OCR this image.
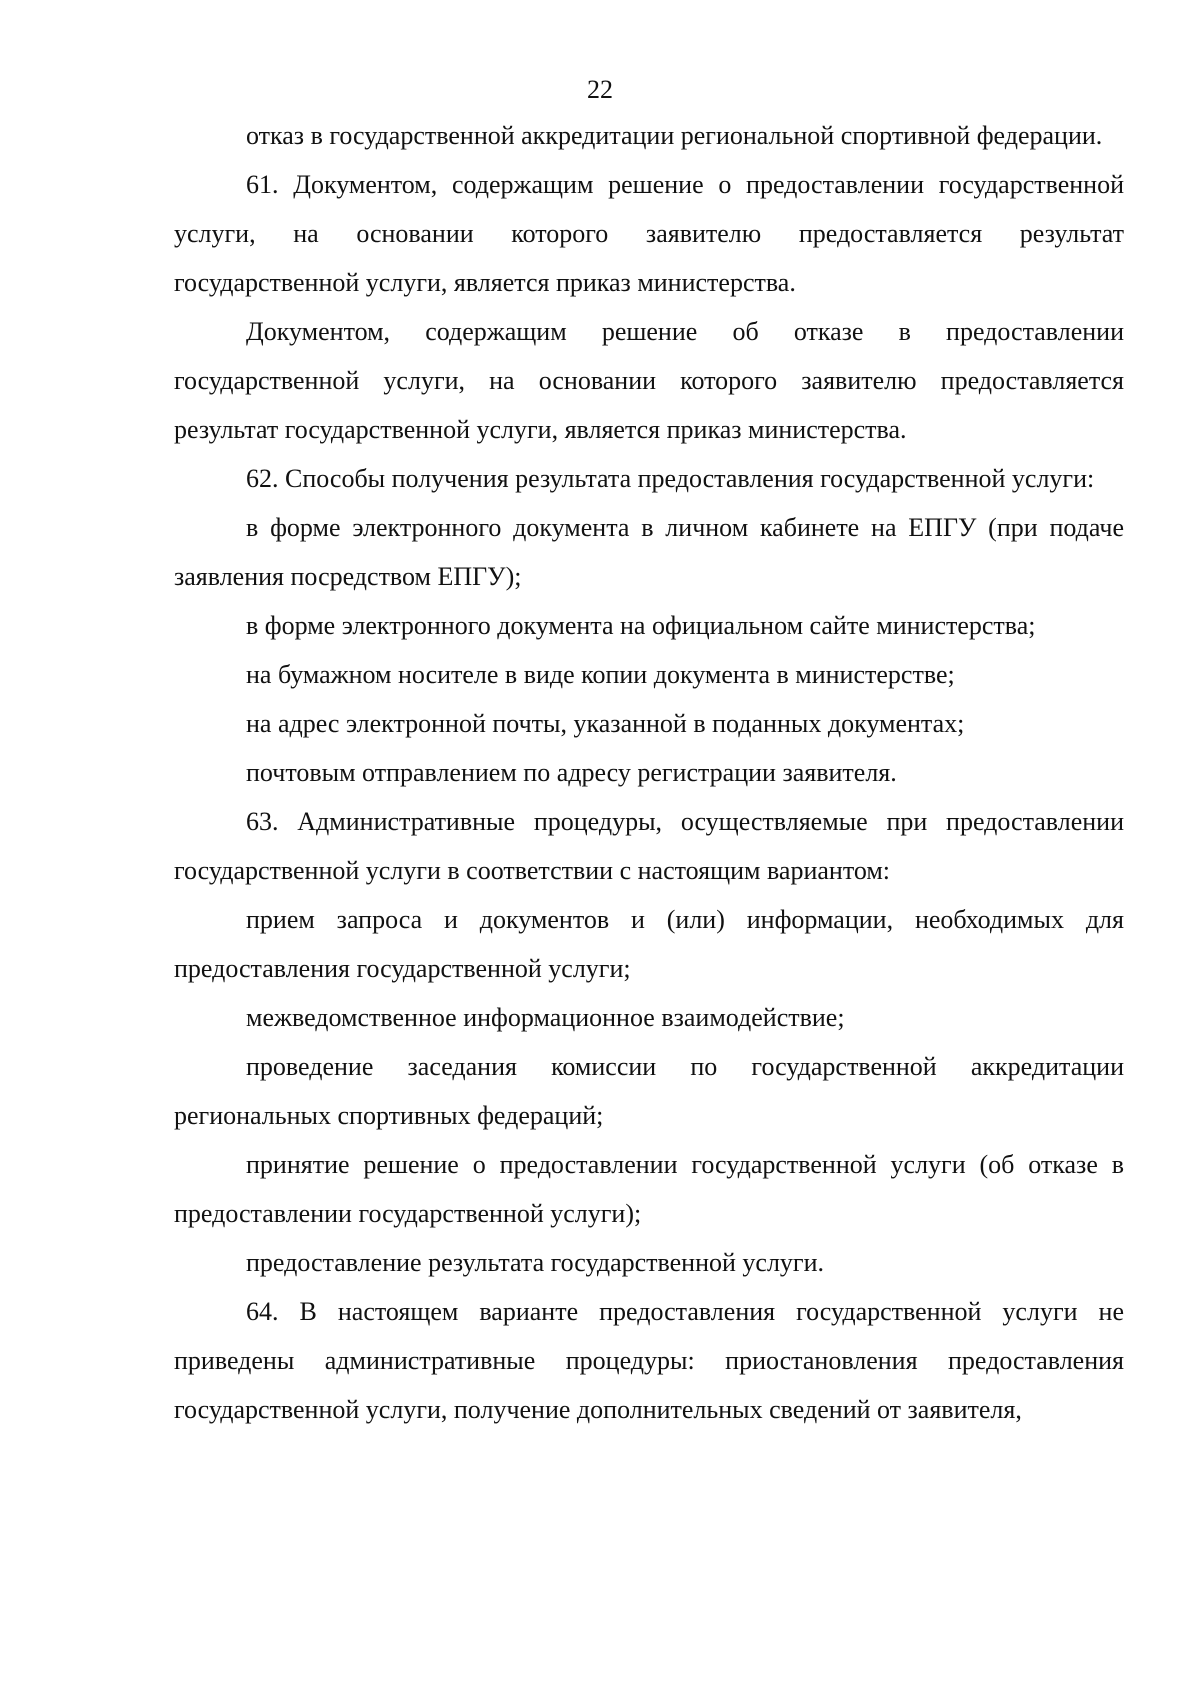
22

отказ в государственной аккредитации региональной спортивной федерации.

61. Документом, содержащим решение о предоставлении государственной услуги, на основании которого заявителю предоставляется результат государственной услуги, является приказ министерства.

Документом, содержащим решение об отказе в предоставлении государственной услуги, на основании которого заявителю предоставляется результат государственной услуги, является приказ министерства.

62. Способы получения результата предоставления государственной услуги:

в форме электронного документа в личном кабинете на ЕПГУ (при подаче заявления посредством ЕПГУ);

в форме электронного документа на официальном сайте министерства;

на бумажном носителе в виде копии документа в министерстве;

на адрес электронной почты, указанной в поданных документах;

почтовым отправлением по адресу регистрации заявителя.

63. Административные процедуры, осуществляемые при предоставлении государственной услуги в соответствии с настоящим вариантом:

прием запроса и документов и (или) информации, необходимых для предоставления государственной услуги;

межведомственное информационное взаимодействие;

проведение заседания комиссии по государственной аккредитации региональных спортивных федераций;

принятие решение о предоставлении государственной услуги (об отказе в предоставлении государственной услуги);

предоставление результата государственной услуги.

64. В настоящем варианте предоставления государственной услуги не приведены административные процедуры: приостановления предоставления государственной услуги, получение дополнительных сведений от заявителя,
